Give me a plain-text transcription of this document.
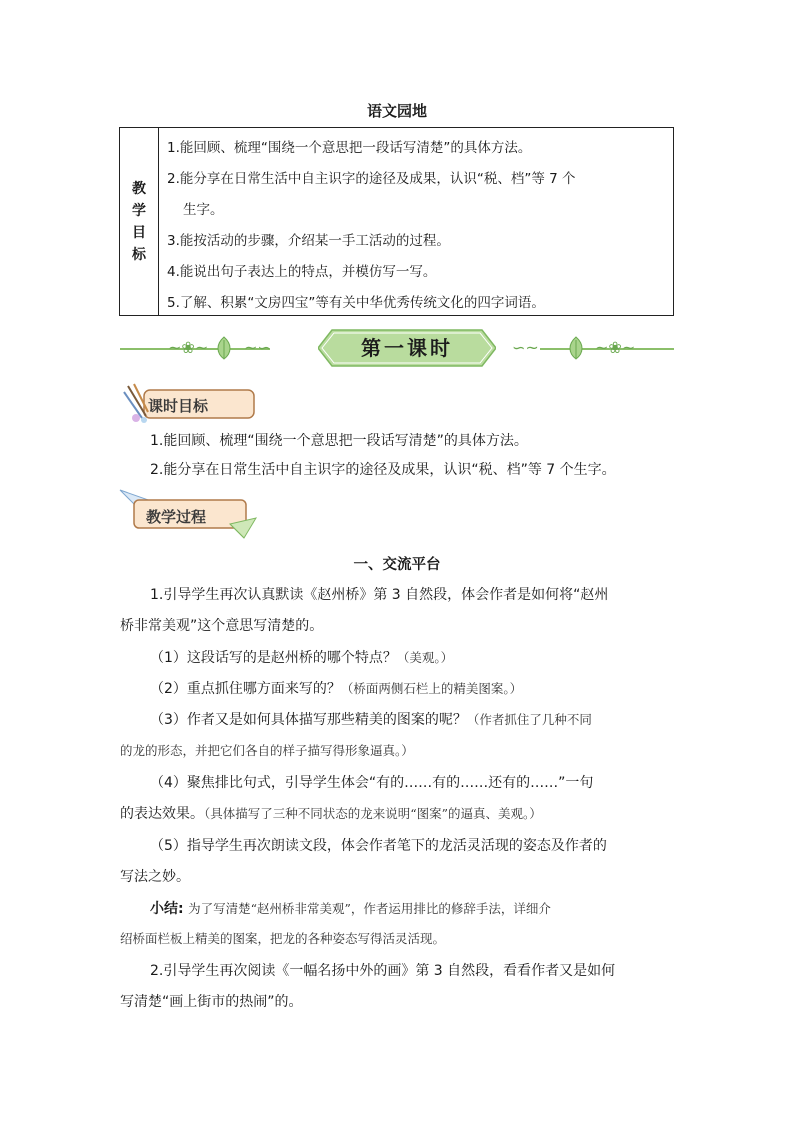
语文园地
教
学
目
标
1.能回顾、梳理“围绕一个意思把一段话写清楚”的具体方法。
2.能分享在日常生活中自主识字的途径及成果，认识“税、档”等 7 个
生字。
3.能按活动的步骤，介绍某一手工活动的过程。
4.能说出句子表达上的特点，并模仿写一写。
5.了解、积累“文房四宝”等有关中华优秀传统文化的四字词语。
~❀~ ~∽	∽~	~❀~
第一课时
课时目标
1.能回顾、梳理“围绕一个意思把一段话写清楚”的具体方法。
2.能分享在日常生活中自主识字的途径及成果，认识“税、档”等 7 个生字。
教学过程
一、交流平台
1.引导学生再次认真默读《赵州桥》第 3 自然段，体会作者是如何将“赵州
桥非常美观”这个意思写清楚的。
（1）这段话写的是赵州桥的哪个特点？（美观。）
（2）重点抓住哪方面来写的？（桥面两侧石栏上的精美图案。）
（3）作者又是如何具体描写那些精美的图案的呢？（作者抓住了几种不同
的龙的形态，并把它们各自的样子描写得形象逼真。）
（4）聚焦排比句式，引导学生体会“有的……有的……还有的……”一句
的表达效果。（具体描写了三种不同状态的龙来说明“图案”的逼真、美观。）
（5）指导学生再次朗读文段，体会作者笔下的龙活灵活现的姿态及作者的
写法之妙。
小结: 为了写清楚“赵州桥非常美观”，作者运用排比的修辞手法，详细介
绍桥面栏板上精美的图案，把龙的各种姿态写得活灵活现。
2.引导学生再次阅读《一幅名扬中外的画》第 3 自然段，看看作者又是如何
写清楚“画上街市的热闹”的。
